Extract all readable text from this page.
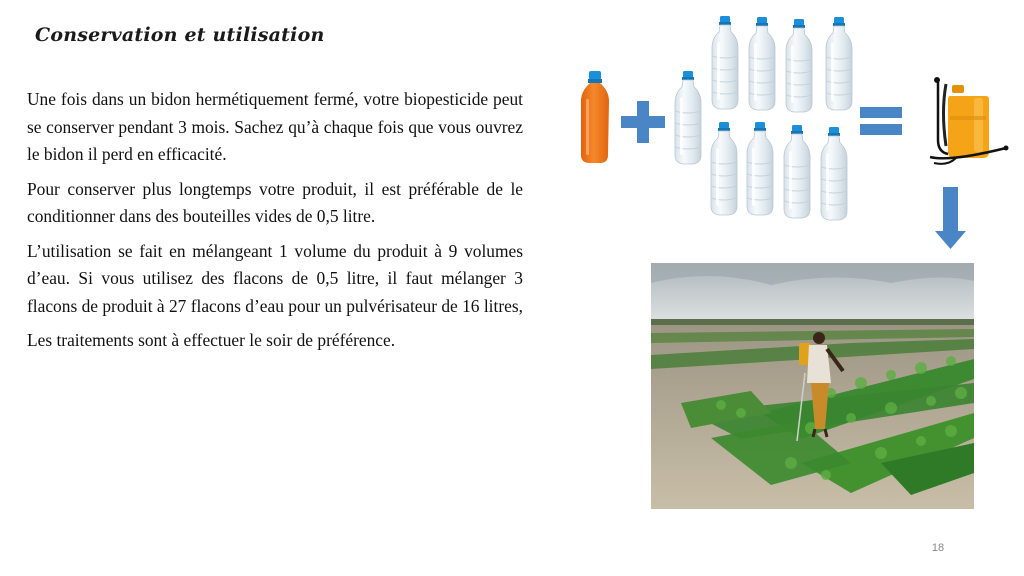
Conservation et utilisation

Une fois dans un bidon hermétiquement fermé, votre biopesticide peut se conserver pendant 3 mois. Sachez qu’à chaque fois que vous ouvrez le bidon il perd en efficacité.

Pour conserver plus longtemps votre produit, il est préférable de le conditionner dans des bouteilles vides de 0,5 litre.

L’utilisation se fait en mélangeant 1 volume du produit à 9 volumes d’eau. Si vous utilisez des flacons de 0,5 litre, il faut mélanger 3 flacons de produit à 27 flacons d’eau pour un pulvérisateur de 16 litres,

Les traitements sont à effectuer le soir de préférence.

18
